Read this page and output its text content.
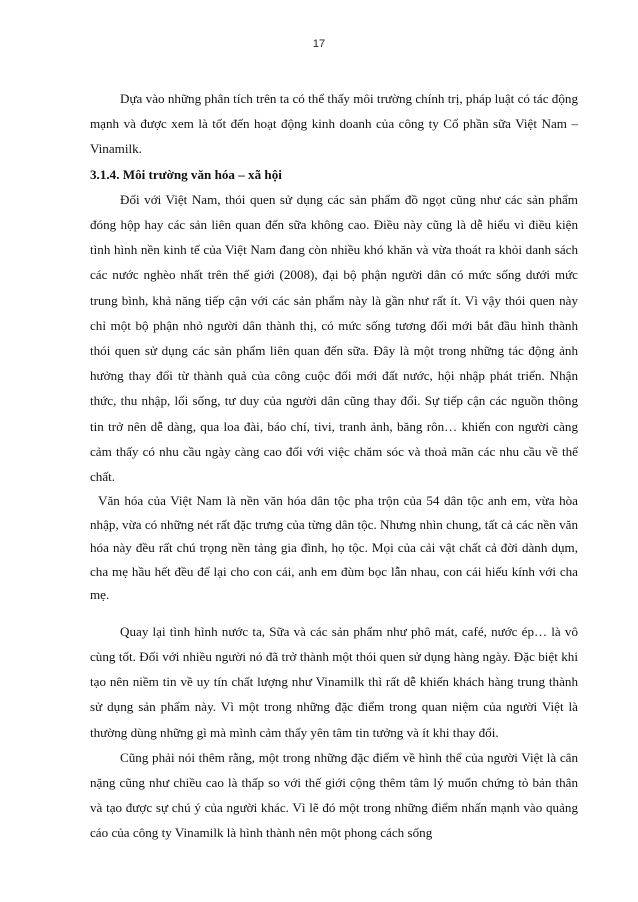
17

Dựa vào những phân tích trên ta có thể thấy môi trường chính trị, pháp luật có tác động mạnh và được xem là tốt đến hoạt động kinh doanh của công ty Cổ phần sữa Việt Nam – Vinamilk.

3.1.4. Môi trường văn hóa – xã hội

Đối với Việt Nam, thói quen sử dụng các sản phẩm đồ ngọt cũng như các sản phẩm đóng hộp hay các sản liên quan đến sữa không cao. Điều này cũng là dễ hiểu vì điều kiện tình hình nền kinh tế của Việt Nam đang còn nhiều khó khăn và vừa thoát ra khỏi danh sách các nước nghèo nhất trên thế giới (2008), đại bộ phận người dân có mức sống dưới mức trung bình, khả năng tiếp cận với các sản phẩm này là gần như rất ít. Vì vậy thói quen này chỉ một bộ phận nhỏ người dân thành thị, có mức sống tương đối mới bắt đầu hình thành thói quen sử dụng các sản phẩm liên quan đến sữa. Đây là một trong những tác động ảnh hưởng thay đổi từ thành quả của công cuộc đổi mới đất nước, hội nhập phát triển. Nhận thức, thu nhập, lối sống, tư duy của người dân cũng thay đổi. Sự tiếp cận các nguồn thông tin trở nên dễ dàng, qua loa đài, báo chí, tivi, tranh ảnh, băng rôn… khiến con người càng cảm thấy có nhu cầu ngày càng cao đối với việc chăm sóc và thoả mãn các nhu cầu về thể chất.

Văn hóa của Việt Nam là nền văn hóa dân tộc pha trộn của 54 dân tộc anh em, vừa hòa nhập, vừa có những nét rất đặc trưng của từng dân tộc. Nhưng nhìn chung, tất cả các nền văn hóa này đều rất chú trọng nền tảng gia đình, họ tộc. Mọi của cải vật chất cả đời dành dụm, cha mẹ hầu hết đều để lại cho con cái, anh em đùm bọc lẫn nhau, con cái hiếu kính với cha mẹ.

Quay lại tình hình nước ta, Sữa và các sản phẩm như phô mát, café, nước ép… là vô cùng tốt. Đối với nhiều người nó đã trở thành một thói quen sử dụng hàng ngày. Đặc biệt khi tạo nên niềm tin về uy tín chất lượng như Vinamilk thì rất dễ khiến khách hàng trung thành sử dụng sản phẩm này. Vì một trong những đặc điểm trong quan niệm của người Việt là thường dùng những gì mà mình cảm thấy yên tâm tin tưởng và ít khi thay đổi.

Cũng phải nói thêm rằng, một trong những đặc điểm về hình thể của người Việt là cân nặng cũng như chiều cao là thấp so với thế giới cộng thêm tâm lý muốn chứng tỏ bản thân và tạo được sự chú ý của người khác. Vì lẽ đó một trong những điểm nhấn mạnh vào quảng cáo của công ty Vinamilk là hình thành nên một phong cách sống
